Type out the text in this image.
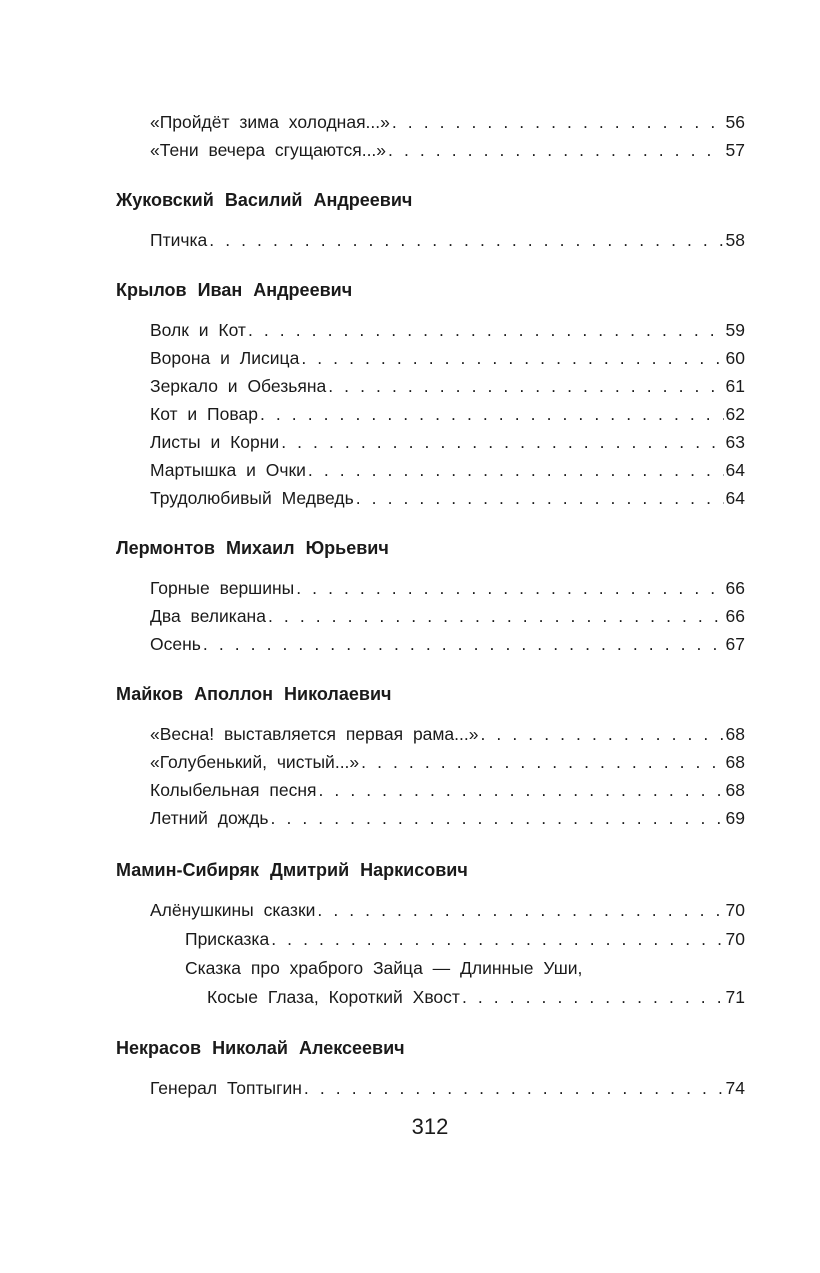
«Пройдёт зима холодная...» . . .	56
«Тени вечера сгущаются...» . . .	57
Жуковский Василий Андреевич
Птичка . . .	58
Крылов Иван Андреевич
Волк и Кот . . .	59
Ворона и Лисица . . .	60
Зеркало и Обезьяна . . .	61
Кот и Повар . . .	62
Листы и Корни . . .	63
Мартышка и Очки . . .	64
Трудолюбивый Медведь . . .	64
Лермонтов Михаил Юрьевич
Горные вершины . . .	66
Два великана . . .	66
Осень . . .	67
Майков Аполлон Николаевич
«Весна! выставляется первая рама...» . . .	68
«Голубенький, чистый...» . . .	68
Колыбельная песня . . .	68
Летний дождь . . .	69
Мамин-Сибиряк Дмитрий Наркисович
Алёнушкины сказки . . .	70
Присказка . . .	70
Сказка про храброго Зайца — Длинные Уши,
Косые Глаза, Короткий Хвост . . .	71
Некрасов Николай Алексеевич
Генерал Топтыгин . . .	74
312
